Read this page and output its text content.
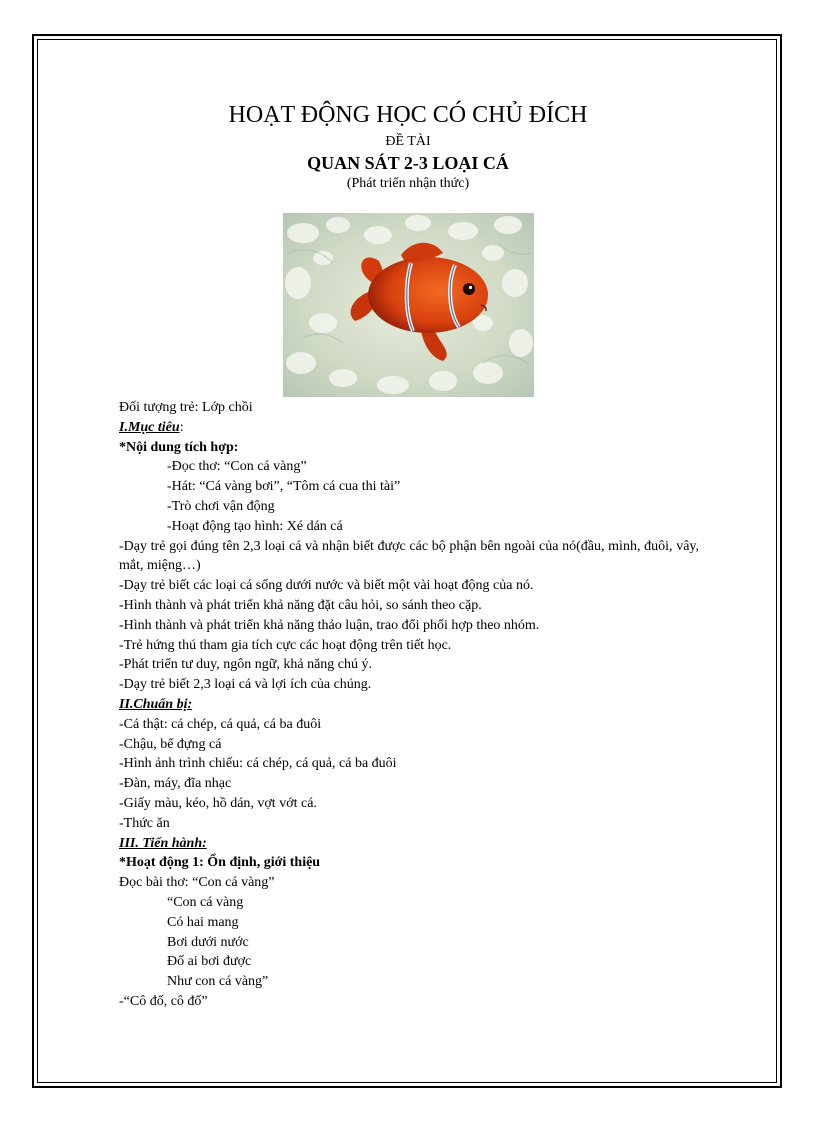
HOẠT ĐỘNG HỌC CÓ CHỦ ĐÍCH
ĐỀ TÀI
QUAN SÁT 2-3 LOẠI CÁ
(Phát triển nhận thức)
Đối tượng trẻ: Lớp chồi
I.Mục tiêu:
*Nội dung tích hợp:
-Đọc thơ: “Con cá vàng”
-Hát: “Cá vàng bơi”, “Tôm cá cua thi tài”
-Trò chơi vận động
-Hoạt động tạo hình: Xé dán cá
-Dạy trẻ gọi đúng tên 2,3 loại cá và nhận biết được các bộ phận bên ngoài của nó(đầu, mình, đuôi, vây, mắt, miệng…)
-Dạy trẻ biết các loại cá sống dưới nước và biết một vài hoạt động của nó.
-Hình thành và phát triển khả năng đặt câu hỏi, so sánh theo cặp.
-Hình thành và phát triển khả năng thảo luận, trao đổi phối hợp theo nhóm.
-Trẻ hứng thú tham gia tích cực các hoạt động trên tiết học.
-Phát triển tư duy, ngôn ngữ, khả năng chú ý.
-Dạy trẻ biết 2,3 loại cá và lợi ích của chúng.
II.Chuẩn bị:
-Cá thật: cá chép, cá quả, cá ba đuôi
-Chậu, bể đựng cá
-Hình ảnh trình chiếu: cá chép, cá quả, cá ba đuôi
-Đàn, máy, đĩa nhạc
-Giấy màu, kéo, hồ dán, vợt vớt cá.
-Thức ăn
III. Tiến hành:
*Hoạt động 1: Ổn định, giới thiệu
Đọc bài thơ: “Con cá vàng”
“Con cá vàng
Có hai mang
Bơi dưới nước
Đố ai bơi được
Như con cá vàng”
-“Cô đố, cô đố”
